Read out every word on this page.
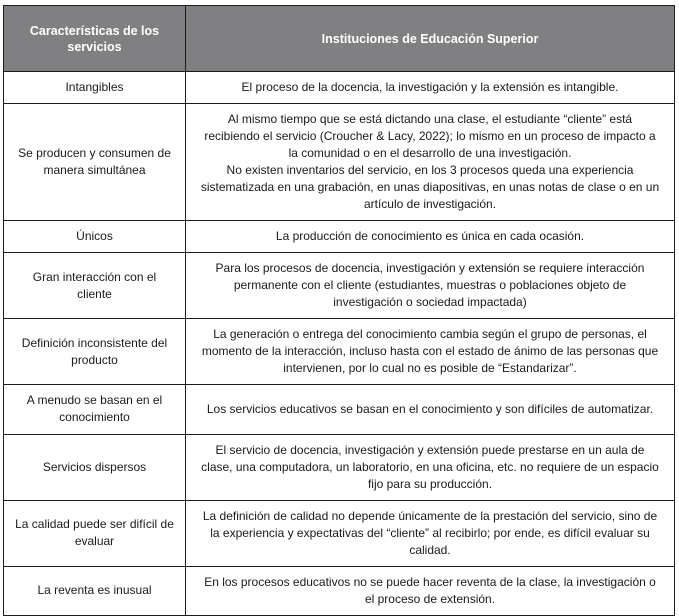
Características de los servicios	Instituciones de Educación Superior
Intangibles	El proceso de la docencia, la investigación y la extensión es intangible.

Se producen y consumen de manera simultánea	Al mismo tiempo que se está dictando una clase, el estudiante “cliente” está recibiendo el servicio (Croucher & Lacy, 2022); lo mismo en un proceso de impacto a la comunidad o en el desarrollo de una investigación.

No existen inventarios del servicio, en los 3 procesos queda una experiencia sistematizada en una grabación, en unas diapositivas, en unas notas de clase o en un artículo de investigación.

Únicos	La producción de conocimiento es única en cada ocasión.

Gran interacción con el cliente	Para los procesos de docencia, investigación y extensión se requiere interacción permanente con el cliente (estudiantes, muestras o poblaciones objeto de investigación o sociedad impactada)

Definición inconsistente del producto	La generación o entrega del conocimiento cambia según el grupo de personas, el momento de la interacción, incluso hasta con el estado de ánimo de las personas que intervienen, por lo cual no es posible de “Estandarizar”.

A menudo se basan en el conocimiento	Los servicios educativos se basan en el conocimiento y son difíciles de automatizar.

Servicios dispersos	El servicio de docencia, investigación y extensión puede prestarse en un aula de clase, una computadora, un laboratorio, en una oficina, etc. no requiere de un espacio fijo para su producción.

La calidad puede ser difícil de evaluar	La definición de calidad no depende únicamente de la prestación del servicio, sino de la experiencia y expectativas del “cliente” al recibirlo; por ende, es difícil evaluar su calidad.

La reventa es inusual	En los procesos educativos no se puede hacer reventa de la clase, la investigación o el proceso de extensión.
